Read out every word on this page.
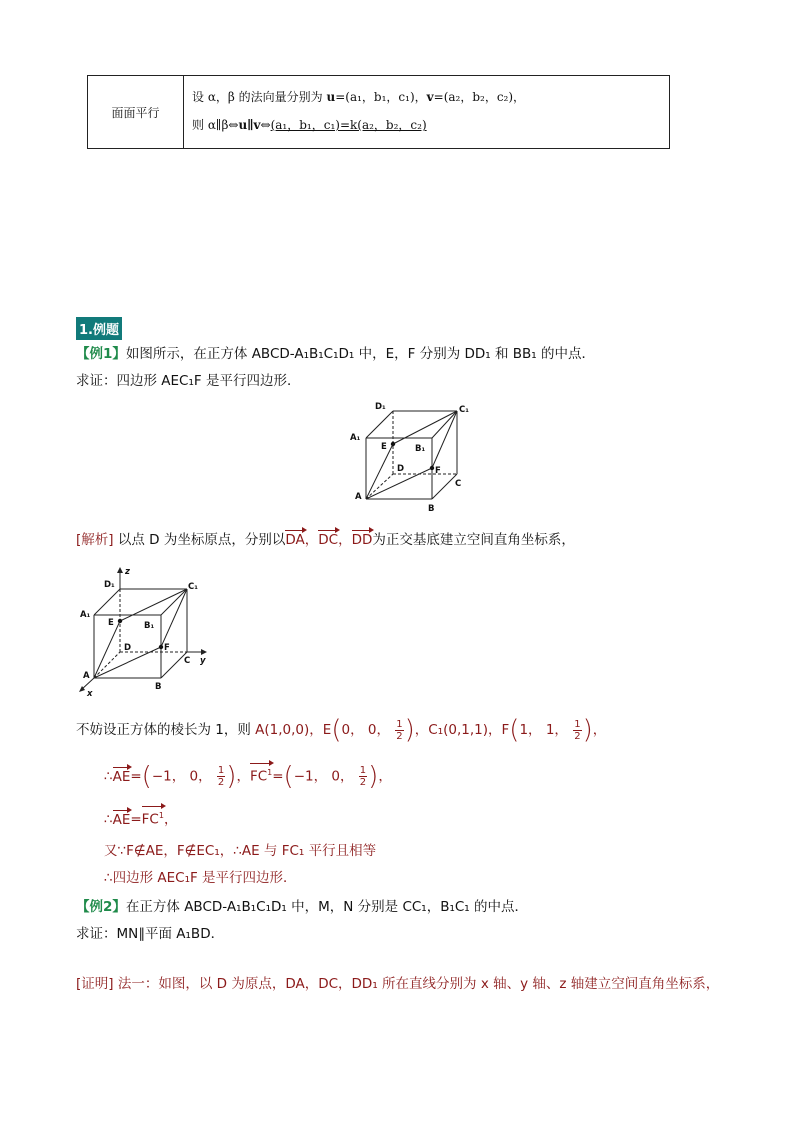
面面平行
设 α，β 的法向量分别为 u=(a₁，b₁，c₁)，v=(a₂，b₂，c₂)，
则 α∥β⇔u∥v⇔(a₁，b₁，c₁)=k(a₂，b₂，c₂)
1.例题
【例1】如图所示，在正方体 ABCD-A₁B₁C₁D₁ 中，E，F 分别为 DD₁ 和 BB₁ 的中点．
求证：四边形 AEC₁F 是平行四边形．
D₁	C₁
A₁
E	B₁
D	F
A
C
B
[解析] 以点 D 为坐标原点，分别以DA，DC，DD为正交基底建立空间直角坐标系，
z
D₁	C₁
A₁
E	B₁
D	F
C y
A
B
x
不妨设正方体的棱长为 1，则 A(1,0,0)，E(0， 0， $\frac{1}{2}$ )，C₁(0,1,1)，F(1， 1， $\frac{1}{2}$ )，
∴AE=(−1， 0， $\frac{1}{2}$ )，$FC^1=(-1$， 0， $\frac{1}{2}$ )，
$\therefore AE=FC^1$，
又∵F∉AE，F∉EC₁，∴AE 与 FC₁ 平行且相等
∴四边形 AEC₁F 是平行四边形．
【例2】在正方体 ABCD-A₁B₁C₁D₁ 中，M，N 分别是 CC₁，B₁C₁ 的中点．
求证：MN∥平面 A₁BD．
[证明] 法一：如图，以 D 为原点，DA，DC，DD₁ 所在直线分别为 x 轴、y 轴、z 轴建立空间直角坐标系，
